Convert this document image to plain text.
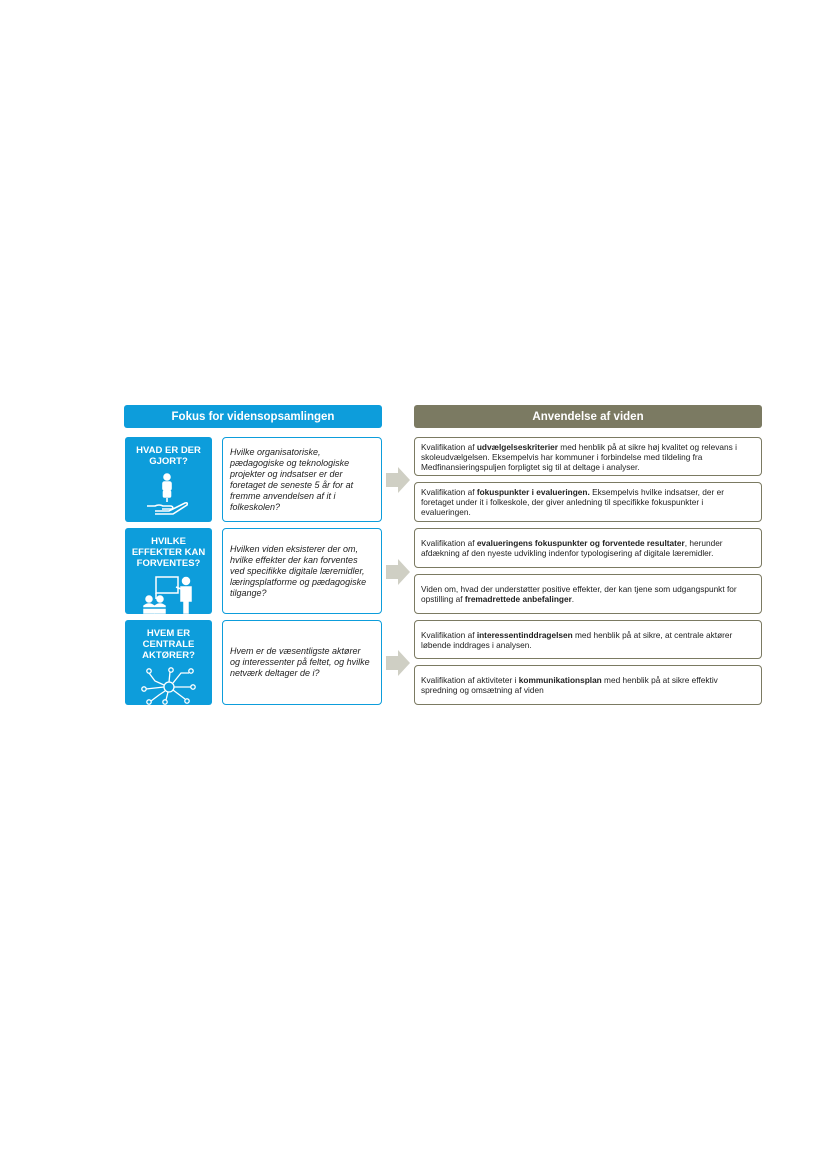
Fokus for vidensopsamlingen	Anvendelse af viden
HVAD ER DER
GJORT?
Hvilke organisatoriske, pædagogiske og teknologiske projekter og indsatser er der foretaget de seneste 5 år for at fremme anvendelsen af it i folkeskolen?
Kvalifikation af udvælgelseskriterier med henblik på at sikre høj kvalitet og relevans i skoleudvælgelsen. Eksempelvis har kommuner i forbindelse med tildeling fra Medfinansieringspuljen forpligtet sig til at deltage i analyser.
Kvalifikation af fokuspunkter i evalueringen. Eksempelvis hvilke indsatser, der er foretaget under it i folkeskole, der giver anledning til specifikke fokuspunkter i evalueringen.
HVILKE
EFFEKTER KAN
FORVENTES?
Hvilken viden eksisterer der om, hvilke effekter der kan forventes ved specifikke digitale læremidler, læringsplatforme og pædagogiske tilgange?
Kvalifikation af evalueringens fokuspunkter og forventede resultater, herunder afdækning af den nyeste udvikling indenfor typologisering af digitale læremidler.
Viden om, hvad der understøtter positive effekter, der kan tjene som udgangspunkt for opstilling af fremadrettede anbefalinger.
HVEM ER
CENTRALE
AKTØRER?	Hvem er de væsentligste aktører og interessenter på feltet, og hvilke netværk deltager de i?
Kvalifikation af interessentinddragelsen med henblik på at sikre, at centrale aktører løbende inddrages i analysen.
Kvalifikation af aktiviteter i kommunikationsplan med henblik på at sikre effektiv spredning og omsætning af viden
